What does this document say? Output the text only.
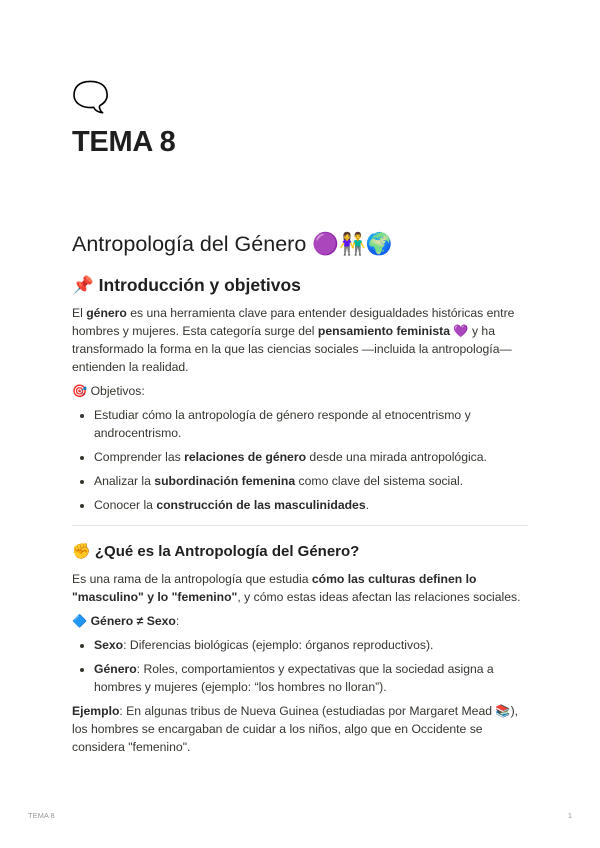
🗨️
TEMA 8
Antropología del Género 🟣👫🌍
📌 Introducción y objetivos

El género es una herramienta clave para entender desigualdades históricas entre hombres y mujeres. Esta categoría surge del pensamiento feminista 💜 y ha transformado la forma en la que las ciencias sociales —incluida la antropología— entienden la realidad.

🎯 Objetivos:

• Estudiar cómo la antropología de género responde al etnocentrismo y androcentrismo.
• Comprender las relaciones de género desde una mirada antropológica.
• Analizar la subordinación femenina como clave del sistema social.
• Conocer la construcción de las masculinidades.
✊ ¿Qué es la Antropología del Género?

Es una rama de la antropología que estudia cómo las culturas definen lo "masculino" y lo "femenino", y cómo estas ideas afectan las relaciones sociales.

🔷 Género ≠ Sexo:

• Sexo: Diferencias biológicas (ejemplo: órganos reproductivos).
• Género: Roles, comportamientos y expectativas que la sociedad asigna a hombres y mujeres (ejemplo: “los hombres no lloran”).

Ejemplo: En algunas tribus de Nueva Guinea (estudiadas por Margaret Mead 📚), los hombres se encargaban de cuidar a los niños, algo que en Occidente se considera "femenino".

TEMA 8	1
